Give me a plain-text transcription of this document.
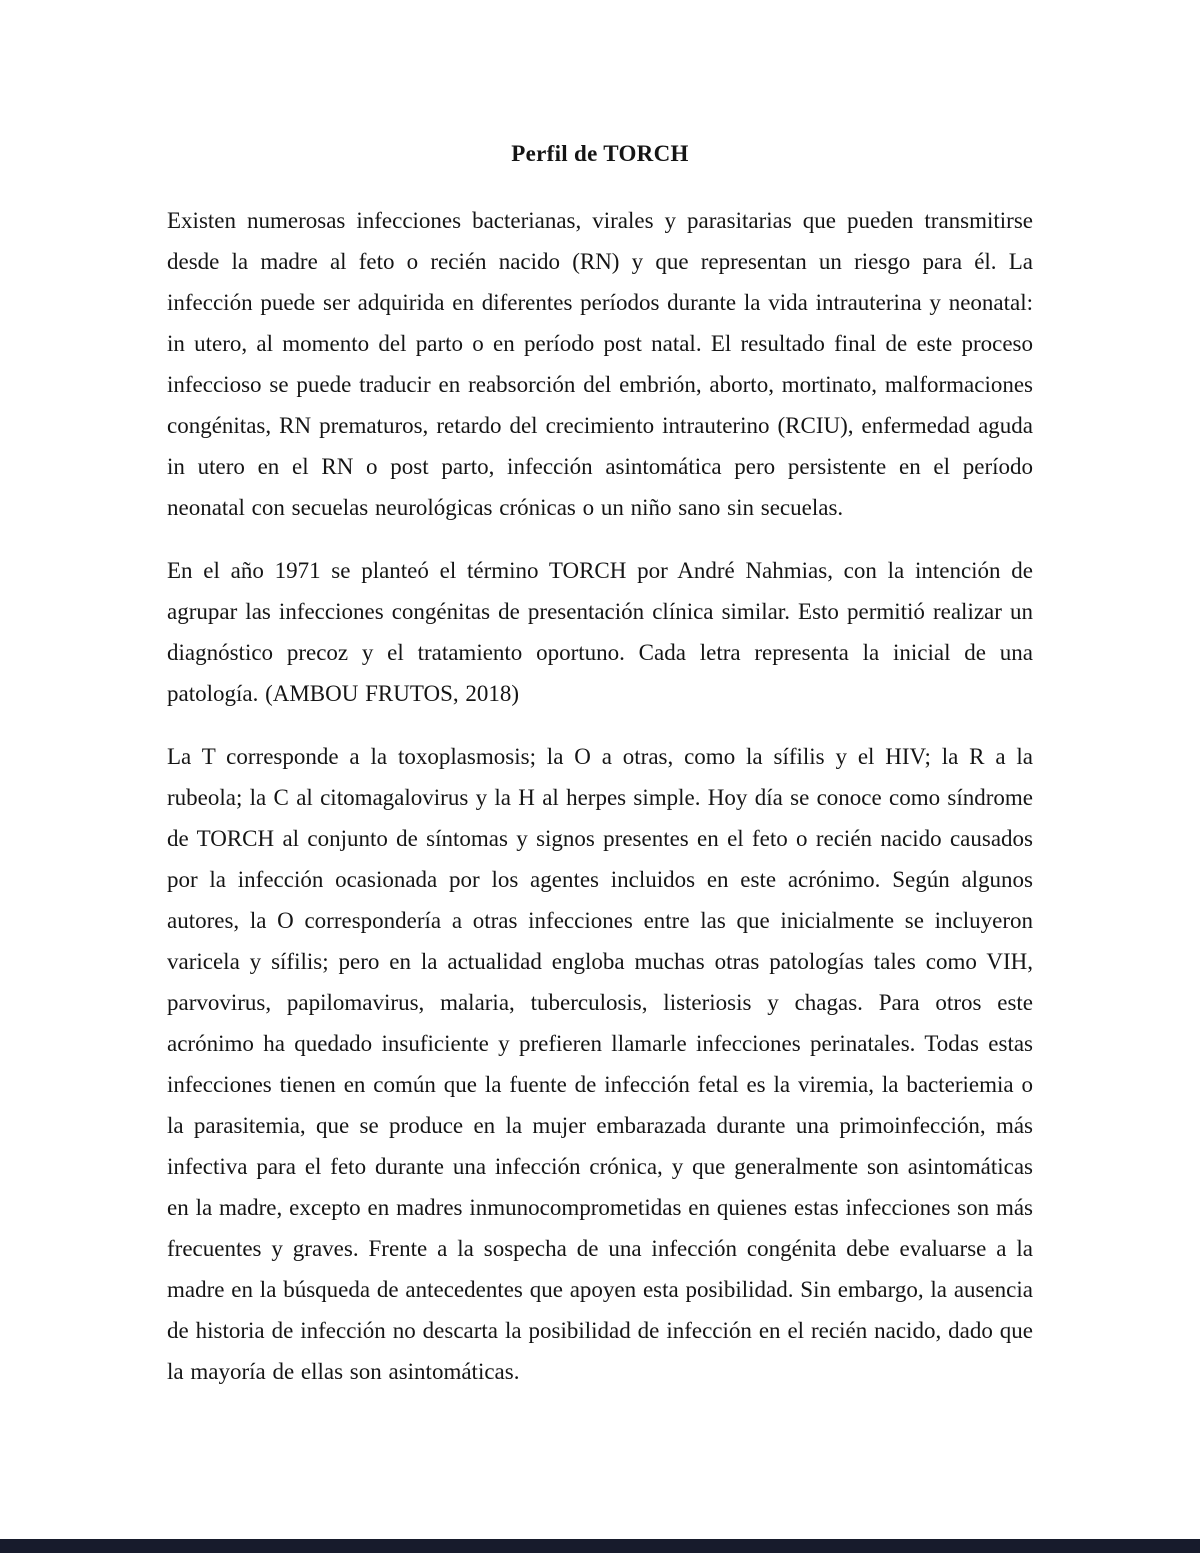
Perfil de TORCH

Existen numerosas infecciones bacterianas, virales y parasitarias que pueden transmitirse desde la madre al feto o recién nacido (RN) y que representan un riesgo para él. La infección puede ser adquirida en diferentes períodos durante la vida intrauterina y neonatal: in utero, al momento del parto o en período post natal. El resultado final de este proceso infeccioso se puede traducir en reabsorción del embrión, aborto, mortinato, malformaciones congénitas, RN prematuros, retardo del crecimiento intrauterino (RCIU), enfermedad aguda in utero en el RN o post parto, infección asintomática pero persistente en el período neonatal con secuelas neurológicas crónicas o un niño sano sin secuelas.

En el año 1971 se planteó el término TORCH por André Nahmias, con la intención de agrupar las infecciones congénitas de presentación clínica similar. Esto permitió realizar un diagnóstico precoz y el tratamiento oportuno. Cada letra representa la inicial de una patología. (AMBOU FRUTOS, 2018)

La T corresponde a la toxoplasmosis; la O a otras, como la sífilis y el HIV; la R a la rubeola; la C al citomagalovirus y la H al herpes simple. Hoy día se conoce como síndrome de TORCH al conjunto de síntomas y signos presentes en el feto o recién nacido causados por la infección ocasionada por los agentes incluidos en este acrónimo. Según algunos autores, la O correspondería a otras infecciones entre las que inicialmente se incluyeron varicela y sífilis; pero en la actualidad engloba muchas otras patologías tales como VIH, parvovirus, papilomavirus, malaria, tuberculosis, listeriosis y chagas. Para otros este acrónimo ha quedado insuficiente y prefieren llamarle infecciones perinatales. Todas estas infecciones tienen en común que la fuente de infección fetal es la viremia, la bacteriemia o la parasitemia, que se produce en la mujer embarazada durante una primoinfección, más infectiva para el feto durante una infección crónica, y que generalmente son asintomáticas en la madre, excepto en madres inmunocomprometidas en quienes estas infecciones son más frecuentes y graves. Frente a la sospecha de una infección congénita debe evaluarse a la madre en la búsqueda de antecedentes que apoyen esta posibilidad. Sin embargo, la ausencia de historia de infección no descarta la posibilidad de infección en el recién nacido, dado que la mayoría de ellas son asintomáticas.
